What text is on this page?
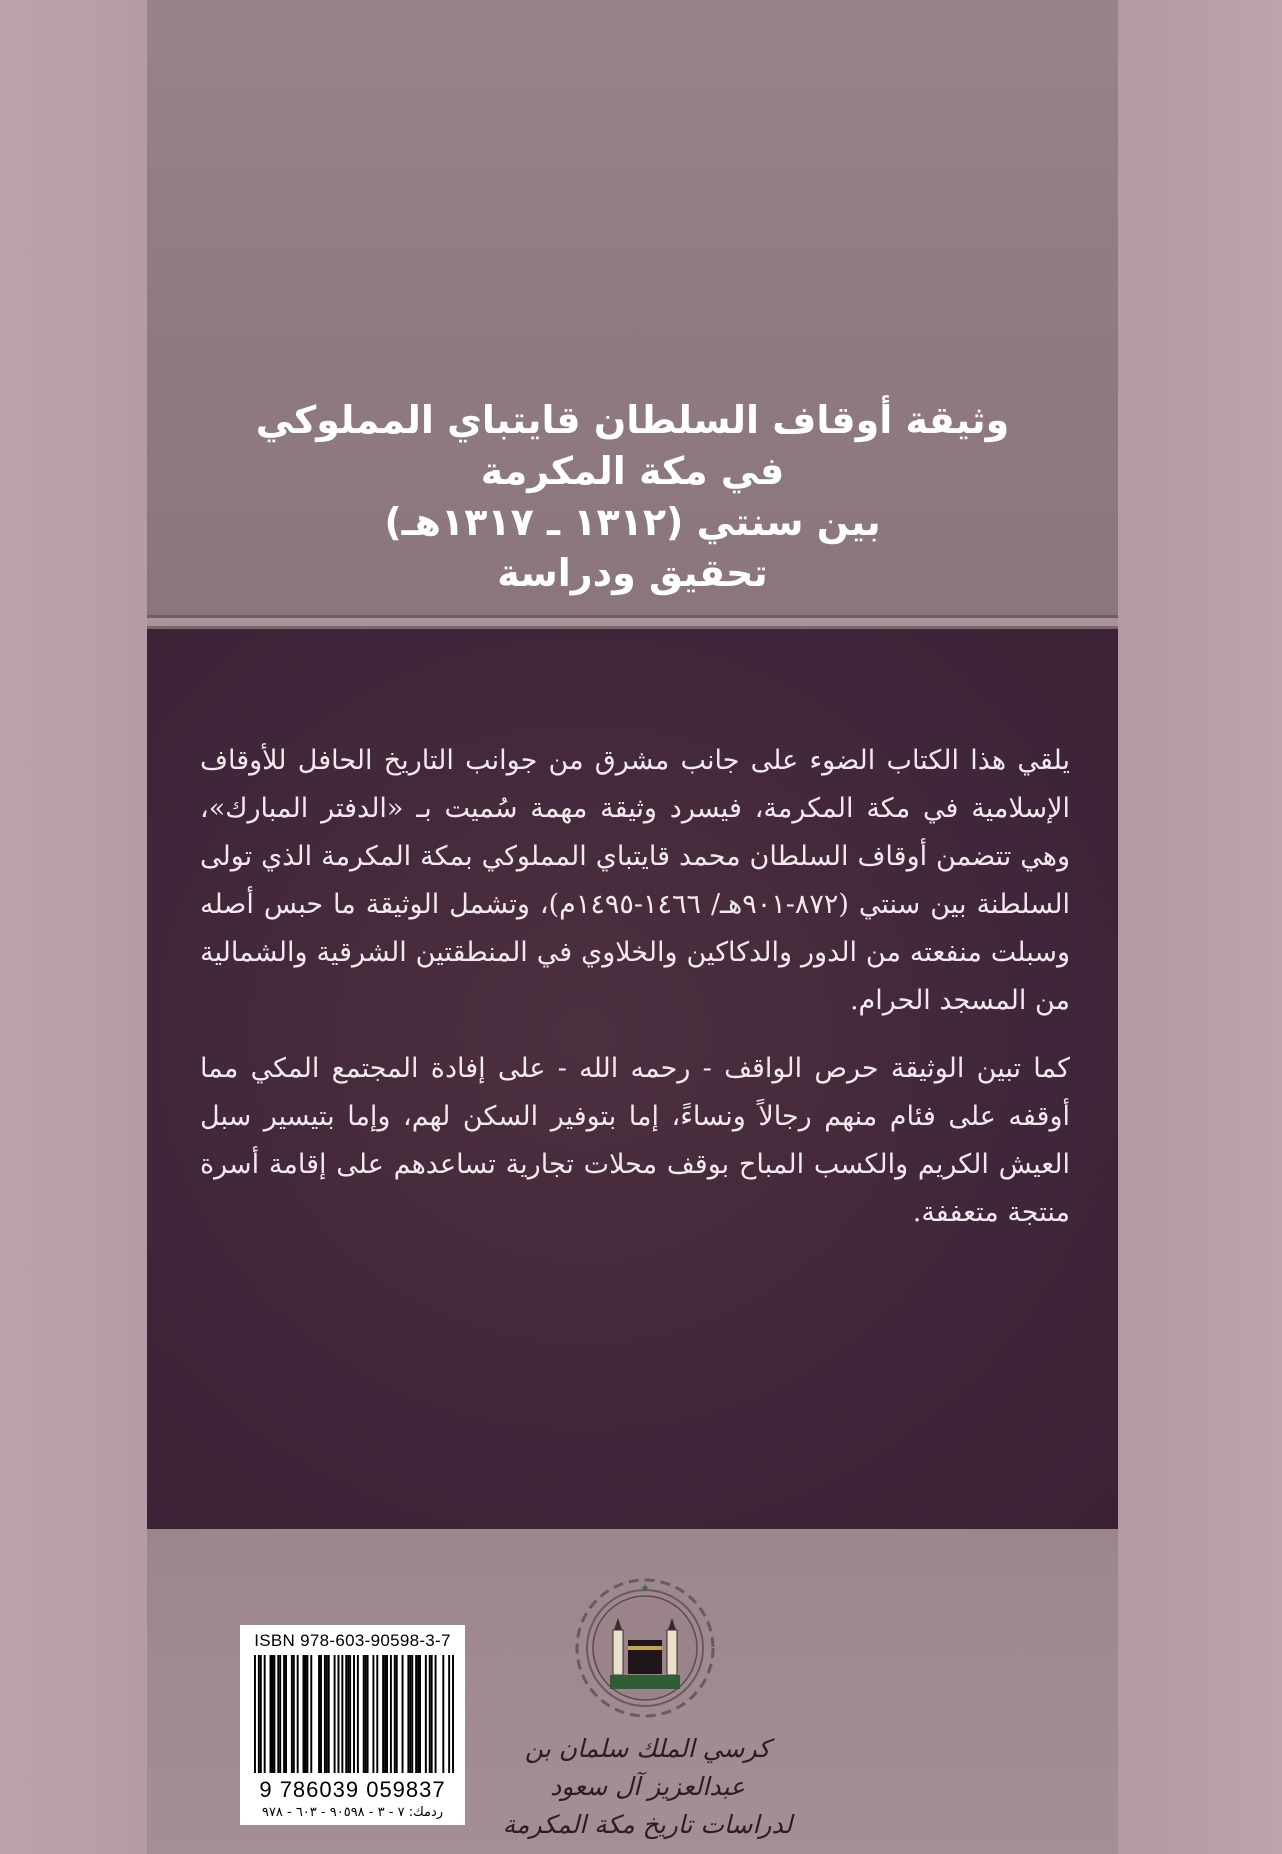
وثيقة أوقاف السلطان قايتباي المملوكي
في مكة المكرمة
بين سنتي (١٣١٢ ـ ١٣١٧هـ)
تحقيق ودراسة

يلقي هذا الكتاب الضوء على جانب مشرق من جوانب التاريخ الحافل للأوقاف الإسلامية في مكة المكرمة، فيسرد وثيقة مهمة سُميت بـ «الدفتر المبارك»، وهي تتضمن أوقاف السلطان محمد قايتباي المملوكي بمكة المكرمة الذي تولى السلطنة بين سنتي (٨٧٢-٩٠١هـ/ ١٤٦٦-١٤٩٥م)، وتشمل الوثيقة ما حبس أصله وسبلت منفعته من الدور والدكاكين والخلاوي في المنطقتين الشرقية والشمالية من المسجد الحرام.

كما تبين الوثيقة حرص الواقف - رحمه الله - على إفادة المجتمع المكي مما أوقفه على فئام منهم رجالاً ونساءً، إما بتوفير السكن لهم، وإما بتيسير سبل العيش الكريم والكسب المباح بوقف محلات تجارية تساعدهم على إقامة أسرة منتجة متعففة.

ISBN 978-603-90598-3-7
9 786039 059837
ردمك: ٧ - ٣ - ٩٠٥٩٨ - ٦٠٣ - ٩٧٨
✦
كرسي الملك سلمان بن عبدالعزيز آل سعود
لدراسات تاريخ مكة المكرمة
